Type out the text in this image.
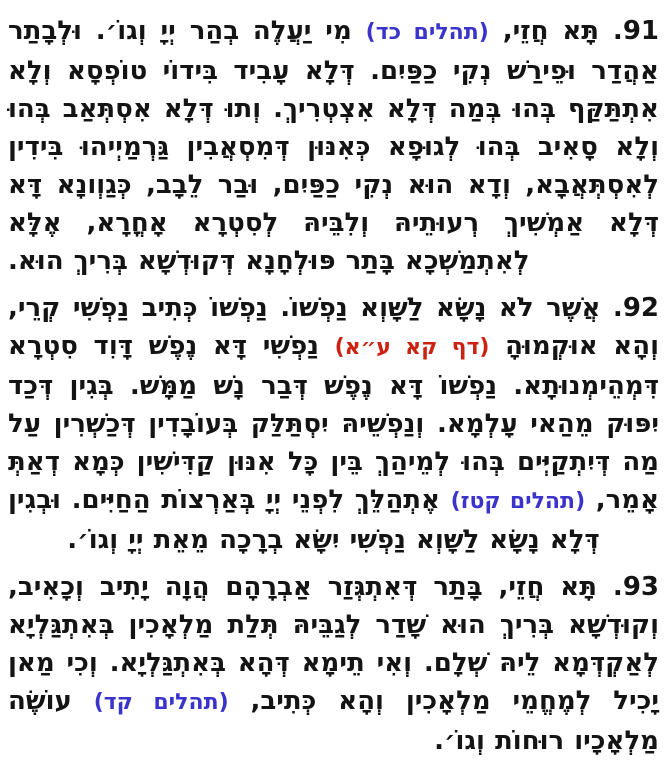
91. תָּא חֲזֵי, (תהלים כד) מִי יַעֲלֶה בְהַר יְיָ וְגוֹ׳. וּלְבָתַר אַהֲדַר וּפֵירַשׁ נְקִי כַפַּיִם. דְּלָא עָבִיד בִּידוֹי טוֹפְסָא וְלָא אִתְתַּקַּף בְּהוּ בְּמַה דְּלָא אִצְטְרִיךְ. וְתוּ דְּלָא אִסְתְּאַב בְּהוּ וְלָא סָאִיב בְּהוּ לְגוּפָא כְּאִנּוּן דְּמִסְאֲבִין גַּרְמַיְיהוּ בִּידִין לְאִסְתְּאֲבָא, וְדָא הוּא נְקִי כַפַּיִם, וּבַר לֵבָב, כְּגַוְונָא דָּא דְּלָא אַמְשִׁיךְ רְעוּתֵיהּ וְלִבֵּיהּ לְסִטְרָא אָחֳרָא, אֶלָּא לְאִתְמַשְׁכָא בָּתַר פּוּלְחָנָא דְּקוּדְשָׁא בְּרִיךְ הוּא.

92. אֲשֶׁר לֹא נָשָׂא לַשָּׁוְא נַפְשׁוֹ. נַפְשׁוֹ כְּתִיב נַפְשִׁי קְרֵי, וְהָא אוּקְמוּהָ (דף קא ע״א) נַפְשִׁי דָּא נֶפֶשׁ דָּוִד סִטְרָא דִּמְהֵימְנוּתָא. נַפְשׁוֹ דָּא נֶפֶשׁ דְּבַר נָשׁ מַמָּשׁ. בְּגִין דְּכַד יִפּוּק מֵהַאי עָלְמָא. וְנַפְשֵׁיהּ יִסְתַּלַּק בְּעוֹבָדִין דְּכַשְׁרִין עַל מַה דְּיִתְקַיְּים בְּהוּ לְמֵיהַךְ בֵּין כָּל אִנּוּן קַדִּישִׁין כְּמָא דְאַתְּ אָמֵר, (תהלים קטז) אֶתְהַלֵּךְ לִפְנֵי יְיָ בְּאַרְצוֹת הַחַיִּים. וּבְגִין דְּלָא נָשָׂא לַשָּׁוְא נַפְשִׁי יִשָּׂא בְרָכָה מֵאֵת יְיָ וְגוֹ׳.

93. תָּא חֲזֵי, בָּתַר דְּאִתְגְּזַר אַבְרָהָם הֲוָה יָתִיב וְכָאִיב, וְקוּדְשָׁא בְּרִיךְ הוּא שָׁדַר לְגַבֵּיהּ תְּלַת מַלְאָכִין בְּאִתְגַּלְיָא לְאַקְדְּמָא לֵיהּ שְׁלָם. וְאִי תֵימָא דְּהָא בְּאִתְגַּלְיָא. וְכִי מַאן יָכִיל לְמֶחֱמֵי מַלְאָכִין וְהָא כְּתִיב, (תהלים קד) עוֹשֶׂה מַלְאָכָיו רוּחוֹת וְגוֹ׳.
